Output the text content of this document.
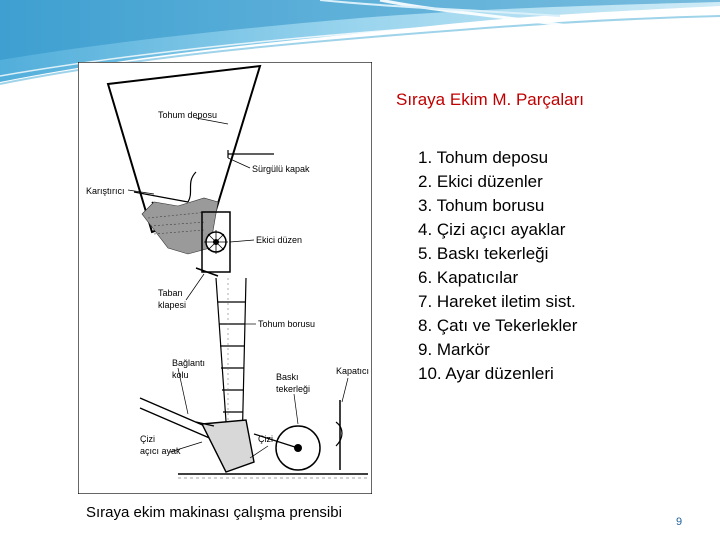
Tohum deposu
Sürgülü kapak
Karıştırıcı
Ekici düzen
Taban
klapesi
Tohum borusu
Bağlantı
kolu	Baskı
tekerleği
Kapatıcı
Çizi
açıcı ayak
Çizi
Sıraya Ekim M. Parçaları
1. Tohum deposu
2. Ekici düzenler
3. Tohum borusu
4. Çizi açıcı ayaklar
5. Baskı tekerleği
6. Kapatıcılar
7. Hareket iletim sist.
8. Çatı ve Tekerlekler
9. Markör
10. Ayar düzenleri
Sıraya ekim makinası çalışma prensibi
9
